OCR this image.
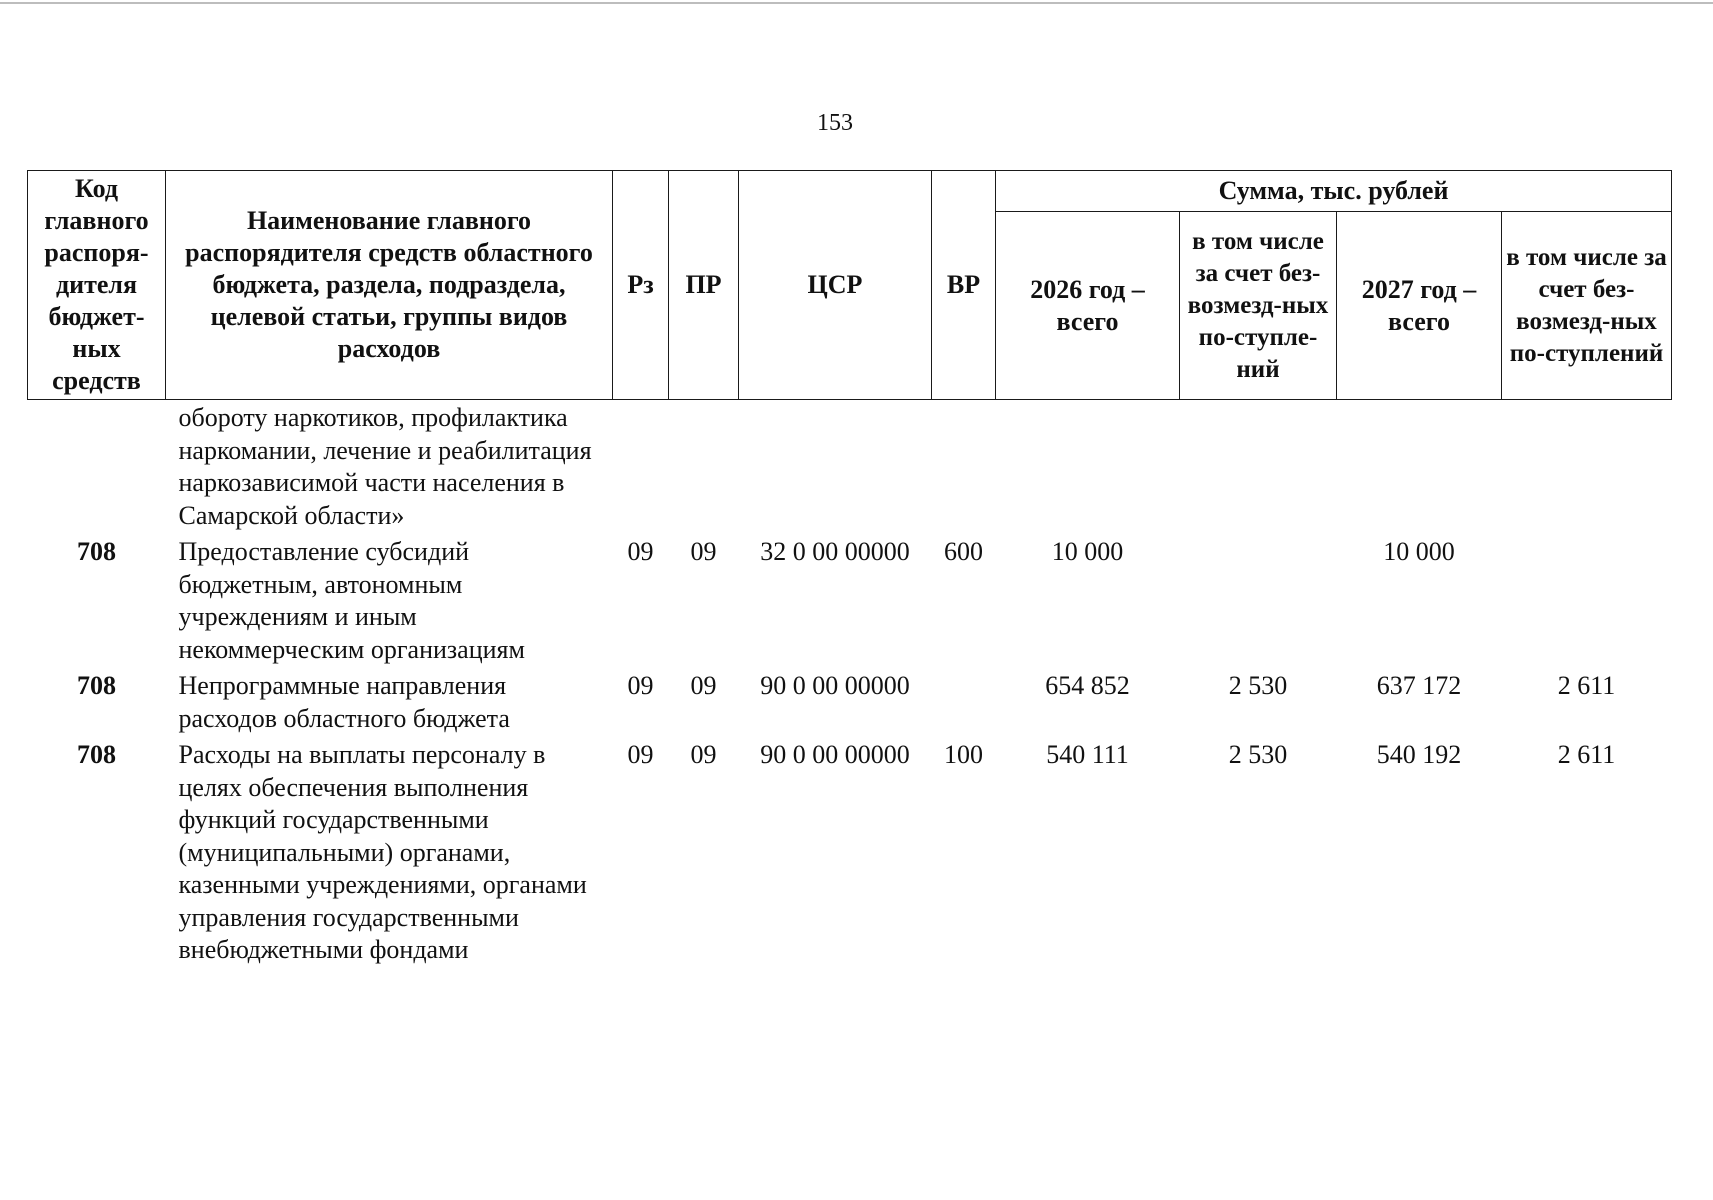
153
Код главного распоря-дителя бюджет-ных средств	Наименование главного распорядителя средств областного бюджета, раздела, подраздела, целевой статьи, группы видов расходов	Рз	ПР	ЦСР	ВР	Сумма, тыс. рублей			
						2026 год – всего	в том числе за счет без-возмезд-ных по-ступле-ний	2027 год – всего	в том числе за счет без-возмезд-ных по-ступлений
	обороту наркотиков, профилактика наркомании, лечение и реабилитация наркозависимой части населения в Самарской области»								
708	Предоставление субсидий бюджетным, автономным учреждениям и иным некоммерческим организациям	09	09	32 0 00 00000	600	10 000		10 000	
708	Непрограммные направления расходов областного бюджета	09	09	90 0 00 00000		654 852	2 530	637 172	2 611
708	Расходы на выплаты персоналу в целях обеспечения выполнения функций государственными (муниципальными) органами, казенными учреждениями, органами управления государственными внебюджетными фондами	09	09	90 0 00 00000	100	540 111	2 530	540 192	2 611
